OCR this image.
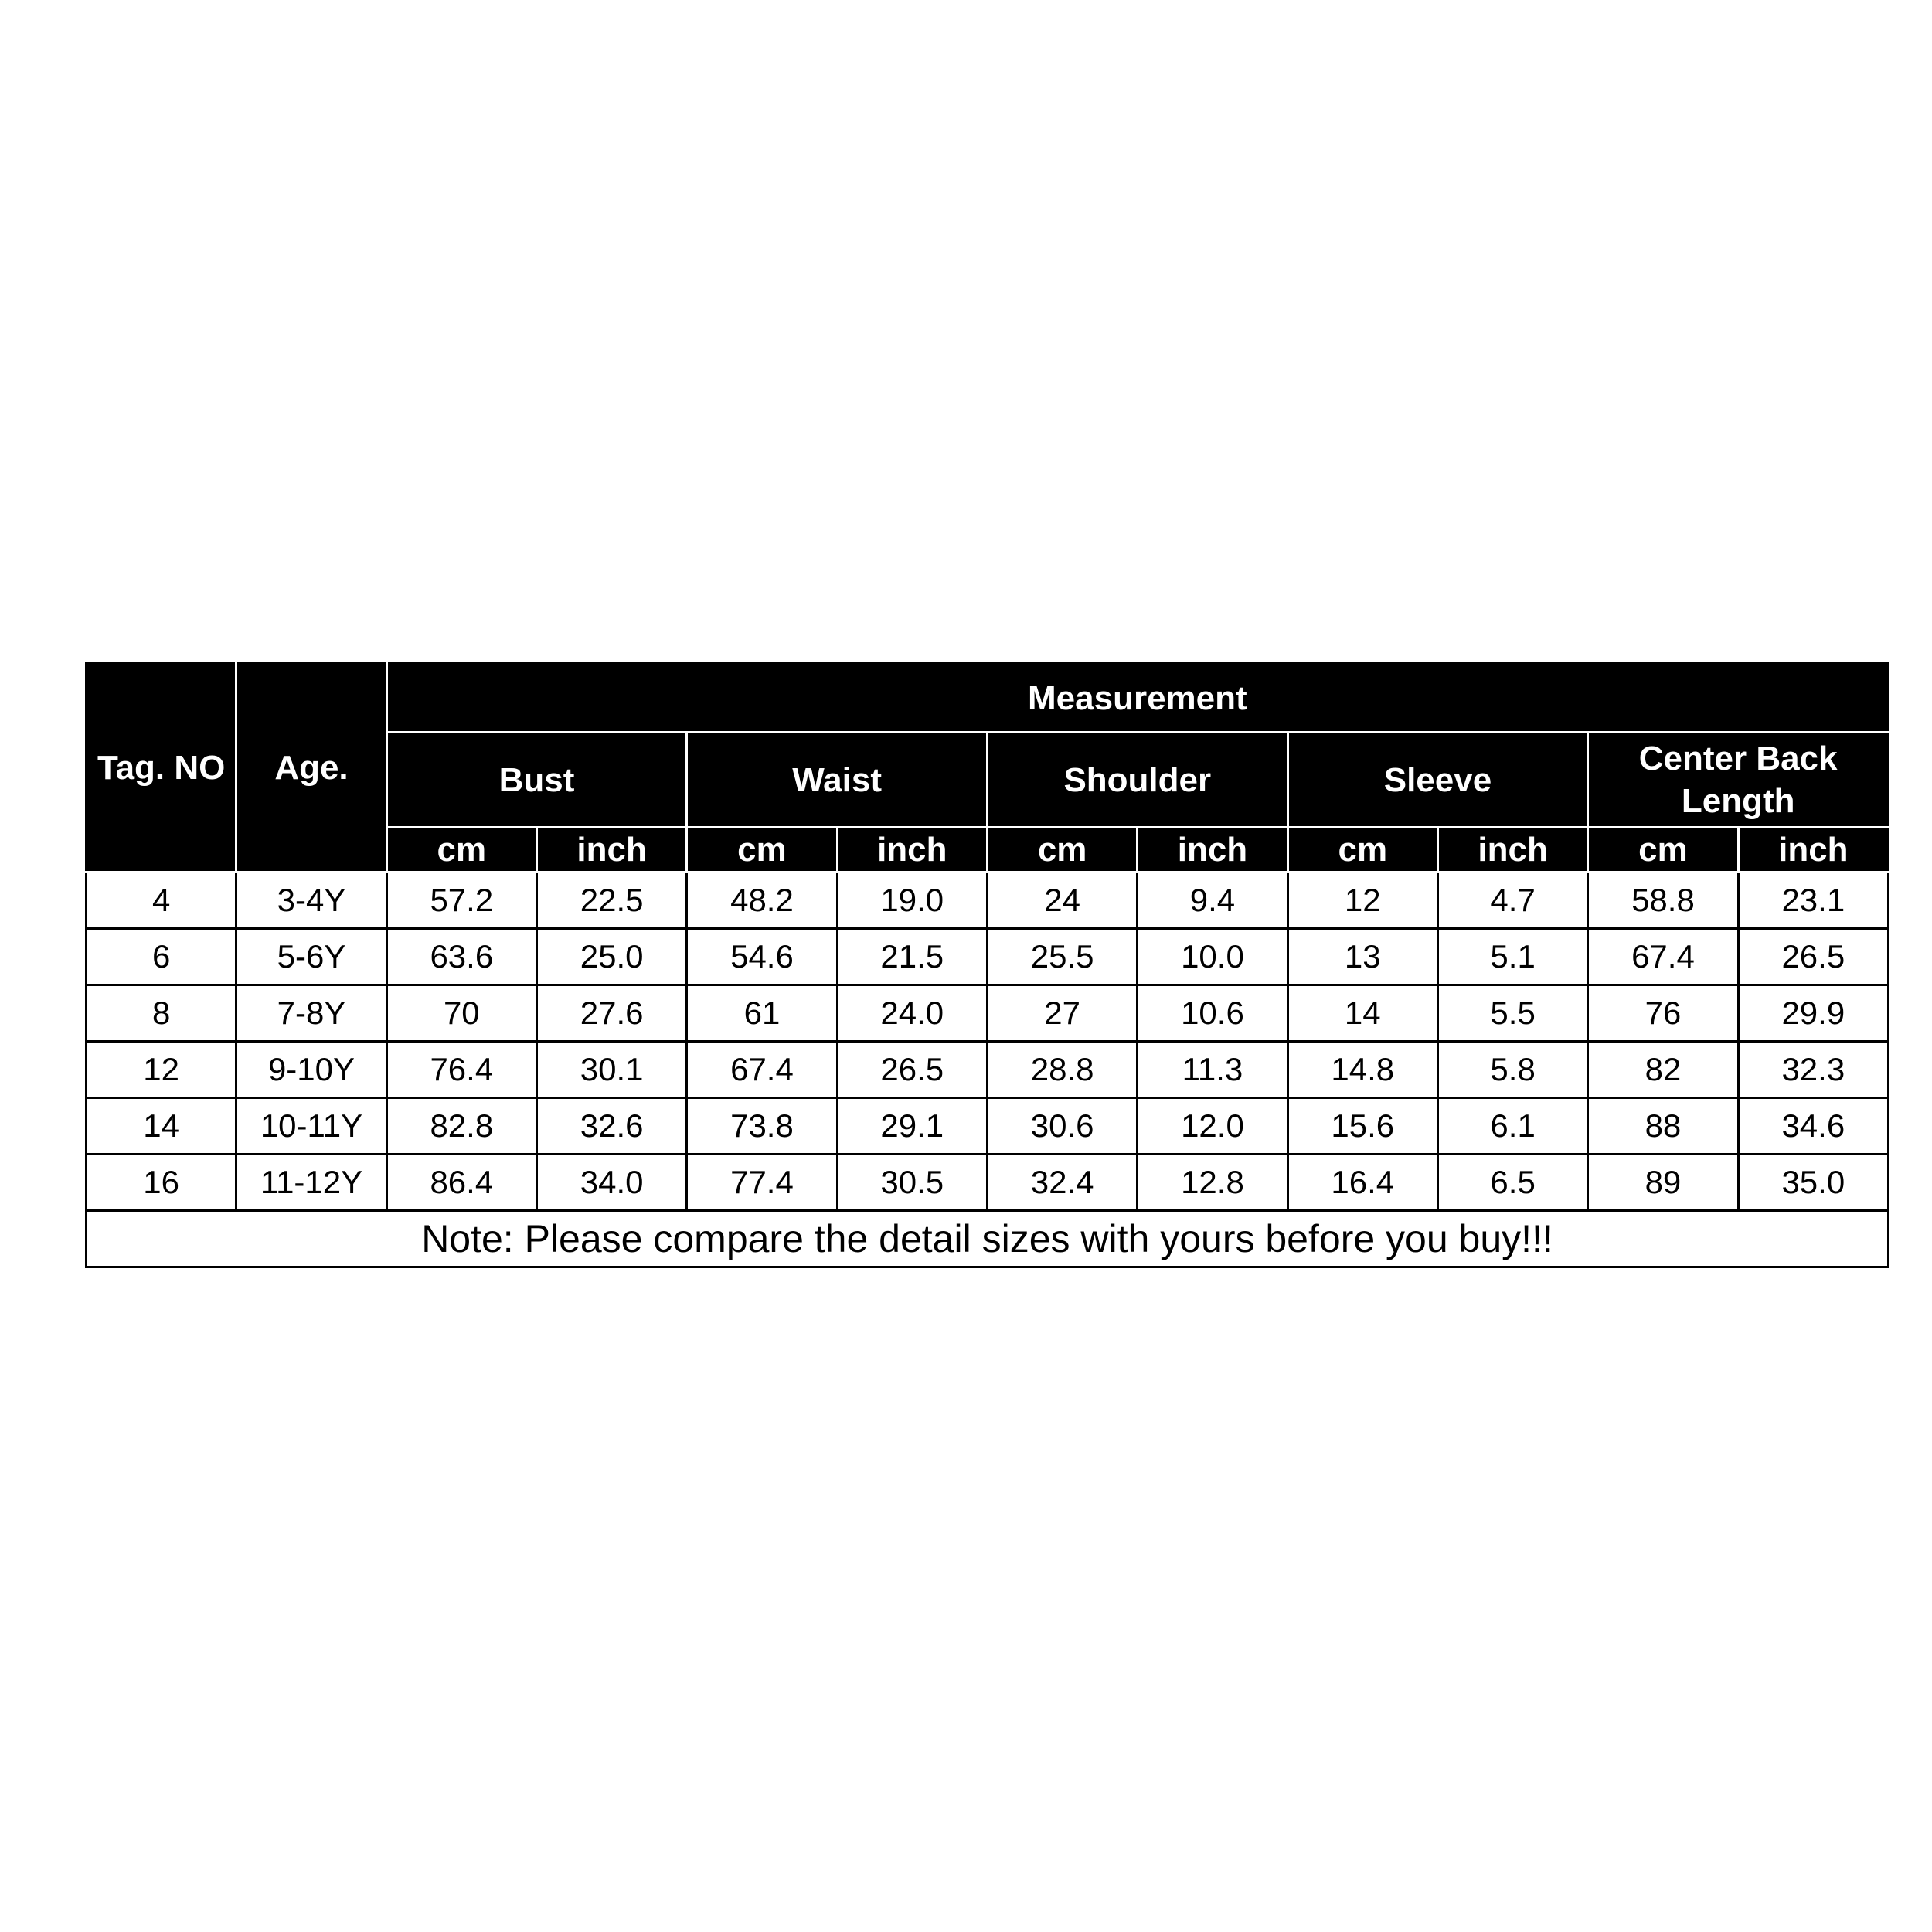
Tag. NO	Age.	Measurement									
		Bust		Waist		Shoulder		Sleeve		Center Back Length	
		cm	inch	cm	inch	cm	inch	cm	inch	cm	inch
4	3-4Y	57.2	22.5	48.2	19.0	24	9.4	12	4.7	58.8	23.1
6	5-6Y	63.6	25.0	54.6	21.5	25.5	10.0	13	5.1	67.4	26.5
8	7-8Y	70	27.6	61	24.0	27	10.6	14	5.5	76	29.9
12	9-10Y	76.4	30.1	67.4	26.5	28.8	11.3	14.8	5.8	82	32.3
14	10-11Y	82.8	32.6	73.8	29.1	30.6	12.0	15.6	6.1	88	34.6
16	11-12Y	86.4	34.0	77.4	30.5	32.4	12.8	16.4	6.5	89	35.0
Note: Please compare the detail sizes with yours before you buy!!!											
